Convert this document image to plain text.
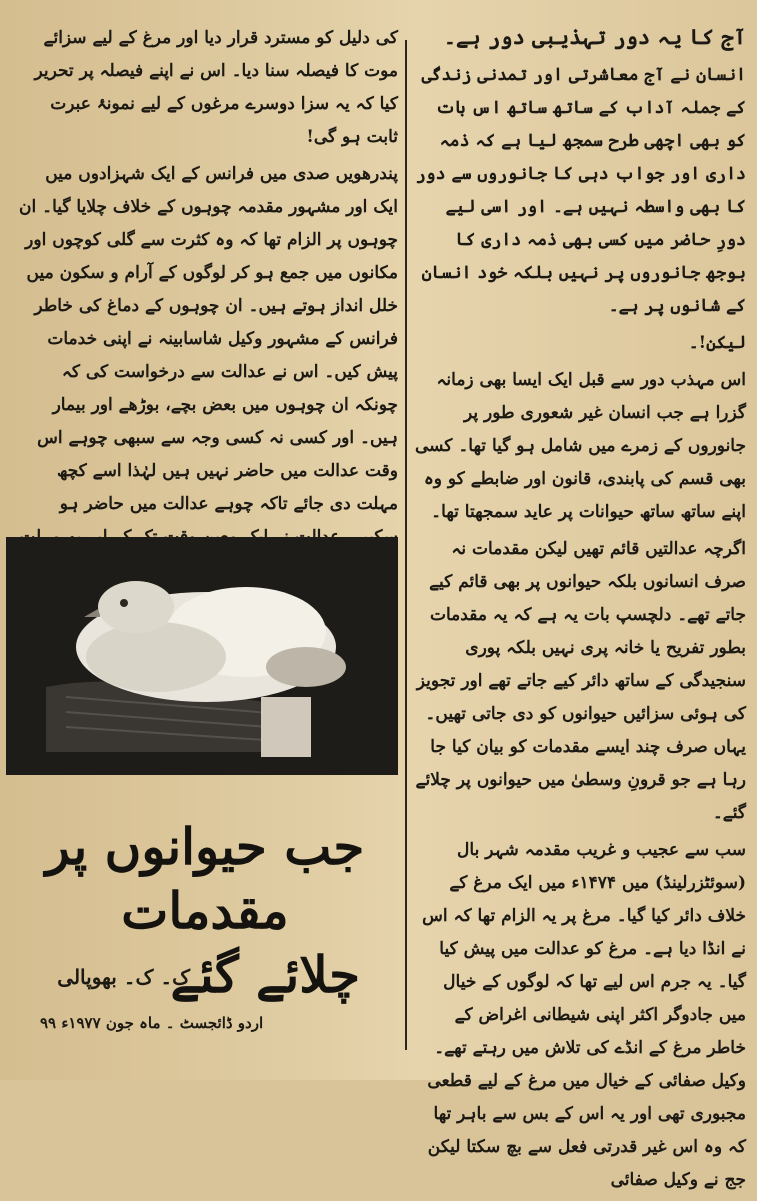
آج کا یہ دور تہذیبی دور ہے۔

انسان نے آج معاشرتی اور تمدنی زندگی کے جملہ آداب کے ساتھ ساتھ اس بات کو بھی اچھی طرح سمجھ لیا ہے کہ ذمہ داری اور جواب دہی کا جانوروں سے دور کا بھی واسطہ نہیں ہے۔ اور اسی لیے دورِ حاضر میں کسی بھی ذمہ داری کا بوجھ جانوروں پر نہیں بلکہ خود انسان کے شانوں پر ہے۔

لیکن!۔

اس مہذب دور سے قبل ایک ایسا بھی زمانہ گزرا ہے جب انسان غیر شعوری طور پر جانوروں کے زمرے میں شامل ہو گیا تھا۔ کسی بھی قسم کی پابندی، قانون اور ضابطے کو وہ اپنے ساتھ ساتھ حیوانات پر عاید سمجھتا تھا۔

اگرچہ عدالتیں قائم تھیں لیکن مقدمات نہ صرف انسانوں بلکہ حیوانوں پر بھی قائم کیے جاتے تھے۔ دلچسپ بات یہ ہے کہ یہ مقدمات بطور تفریح یا خانہ پری نہیں بلکہ پوری سنجیدگی کے ساتھ دائر کیے جاتے تھے اور تجویز کی ہوئی سزائیں حیوانوں کو دی جاتی تھیں۔ یہاں صرف چند ایسے مقدمات کو بیان کیا جا رہا ہے جو قرونِ وسطیٰ میں حیوانوں پر چلائے گئے۔

سب سے عجیب و غریب مقدمہ شہر بال (سوئٹزرلینڈ) میں ۱۴۷۴ء میں ایک مرغ کے خلاف دائر کیا گیا۔ مرغ پر یہ الزام تھا کہ اس نے انڈا دیا ہے۔ مرغ کو عدالت میں پیش کیا گیا۔ یہ جرم اس لیے تھا کہ لوگوں کے خیال میں جادوگر اکثر اپنی شیطانی اغراض کے خاطر مرغ کے انڈے کی تلاش میں رہتے تھے۔ وکیل صفائی کے خیال میں مرغ کے لیے قطعی مجبوری تھی اور یہ اس کے بس سے باہر تھا کہ وہ اس غیر قدرتی فعل سے بچ سکتا لیکن جج نے وکیل صفائی

کی دلیل کو مسترد قرار دیا اور مرغ کے لیے سزائے موت کا فیصلہ سنا دیا۔ اس نے اپنے فیصلہ پر تحریر کیا کہ یہ سزا دوسرے مرغوں کے لیے نمونۂ عبرت ثابت ہو گی!

پندرھویں صدی میں فرانس کے ایک شہزادوں میں ایک اور مشہور مقدمہ چوہوں کے خلاف چلایا گیا۔ ان چوہوں پر الزام تھا کہ وہ کثرت سے گلی کوچوں اور مکانوں میں جمع ہو کر لوگوں کے آرام و سکون میں خلل انداز ہوتے ہیں۔ ان چوہوں کے دماغ کی خاطر فرانس کے مشہور وکیل شاسابینہ نے اپنی خدمات پیش کیں۔ اس نے عدالت سے درخواست کی کہ چونکہ ان چوہوں میں بعض بچے، بوڑھے اور بیمار ہیں۔ اور کسی نہ کسی وجہ سے سبھی چوہے اس وقت عدالت میں حاضر نہیں ہیں لہٰذا اسے کچھ مہلت دی جائے تاکہ چوہے عدالت میں حاضر ہو

جب حیوانوں پر
مقدمات
چلائے گئے
ک۔ ک۔ بھوپالی
اردو ڈائجسٹ ۔ ماہ جون ۱۹۷۷ء ۹۹
